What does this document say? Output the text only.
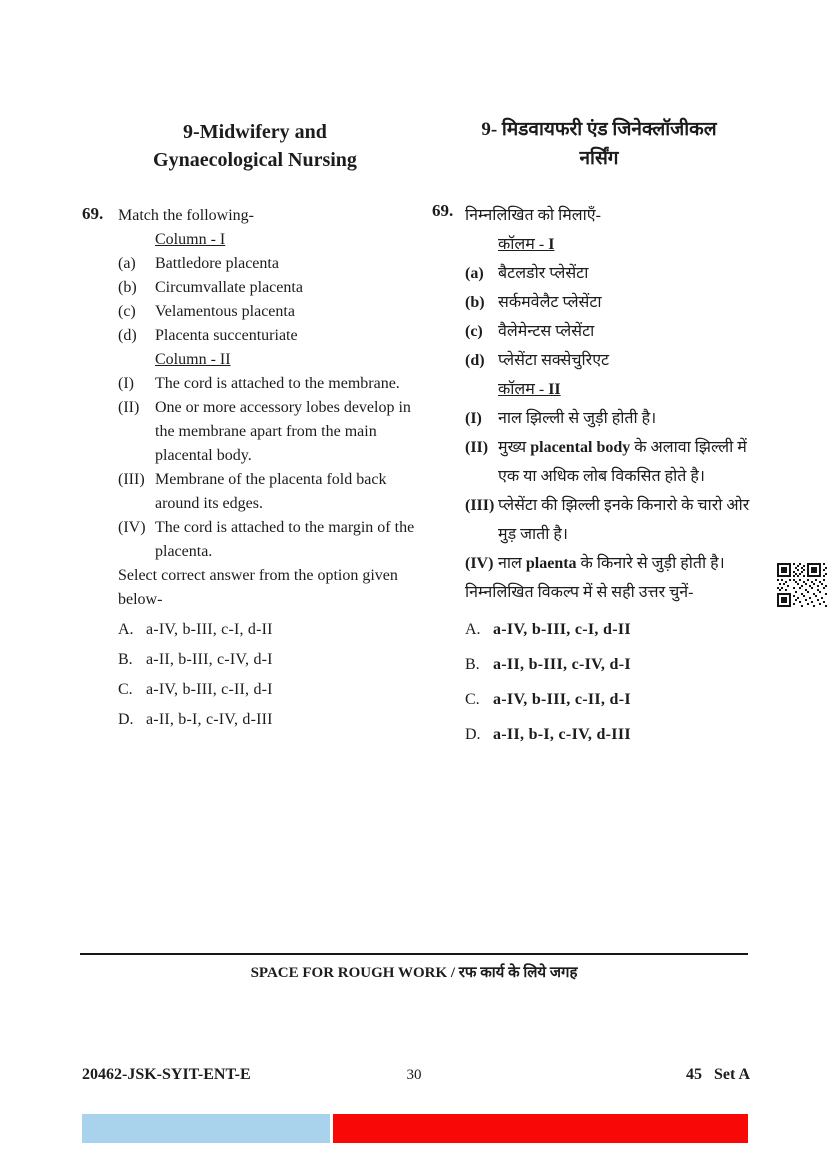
9-Midwifery and
Gynaecological Nursing
69. Match the following-
Column - I
(a)	Battledore placenta
(b)	Circumvallate placenta
(c)	Velamentous placenta
(d)	Placenta succenturiate
Column - II
(I)	The cord is attached to the membrane.
(II) One or more accessory lobes develop in the membrane apart from the main placental body.
(III) Membrane of the placenta fold back around its edges.
(IV) The cord is attached to the margin of the placenta.
Select correct answer from the option given below-
A. a-IV, b-III, c-I, d-II
B. a-II, b-III, c-IV, d-I
C. a-IV, b-III, c-II, d-I
D. a-II, b-I, c-IV, d-III
9- मिडवायफरी एंड जिनेक्लॉजीकल
नर्सिंग
69. निम्नलिखित को मिलाएँ-
कॉलम - I
(a) बैटलडोर प्लेसेंटा
(b) सर्कमवेलैट प्लेसेंटा
(c) वैलेमेन्टस प्लेसेंटा
(d) प्लेसेंटा सक्सेचुरिएट
कॉलम - II
(I)	नाल झिल्ली से जुड़ी होती है।
(II) मुख्य placental body के अलावा झिल्ली में एक या अधिक लोब विकसित होते है।
(III) प्लेसेंटा की झिल्ली इनके किनारो के चारो ओर मुड़ जाती है।
(IV) नाल plaenta के किनारे से जुड़ी होती है।
निम्नलिखित विकल्प में से सही उत्तर चुनें-
A. a-IV, b-III, c-I, d-II
B. a-II, b-III, c-IV, d-I
C. a-IV, b-III, c-II, d-I
D. a-II, b-I, c-IV, d-III
SPACE FOR ROUGH WORK / रफ कार्य के लिये जगह
20462-JSK-SYIT-ENT-E	30	45 Set A
